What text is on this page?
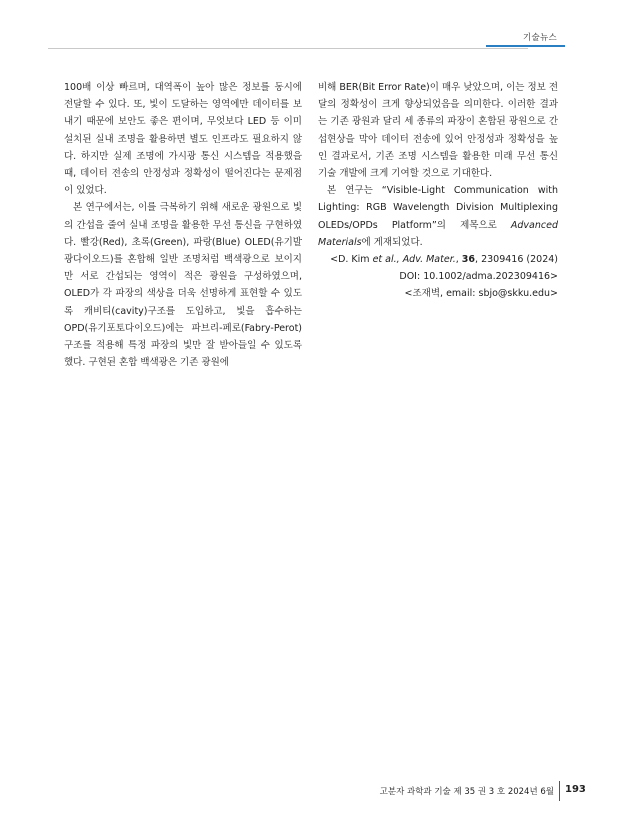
기술뉴스

100배 이상 빠르며, 대역폭이 높아 많은 정보를 동시에 전달할 수 있다. 또, 빛이 도달하는 영역에만 데이터를 보내기 때문에 보안도 좋은 편이며, 무엇보다 LED 등 이미 설치된 실내 조명을 활용하면 별도 인프라도 필요하지 않다. 하지만 실제 조명에 가시광 통신 시스템을 적용했을 때, 데이터 전송의 안정성과 정확성이 떨어진다는 문제점이 있었다.

본 연구에서는, 이를 극복하기 위해 새로운 광원으로 빛의 간섭을 줄여 실내 조명을 활용한 무선 통신을 구현하였다. 빨강(Red), 초록(Green), 파랑(Blue) OLED(유기발광다이오드)를 혼합해 일반 조명처럼 백색광으로 보이지만 서로 간섭되는 영역이 적은 광원을 구성하였으며, OLED가 각 파장의 색상을 더욱 선명하게 표현할 수 있도록 캐비티(cavity)구조를 도입하고, 빛을 흡수하는 OPD(유기포토다이오드)에는 파브리-페로(Fabry-Perot) 구조를 적용해 특정 파장의 빛만 잘 받아들일 수 있도록 했다. 구현된 혼합 백색광은 기존 광원에

비해 BER(Bit Error Rate)이 매우 낮았으며, 이는 정보 전달의 정확성이 크게 향상되었음을 의미한다. 이러한 결과는 기존 광원과 달리 세 종류의 파장이 혼합된 광원으로 간섭현상을 막아 데이터 전송에 있어 안정성과 정확성을 높인 결과로서, 기존 조명 시스템을 활용한 미래 무선 통신 기술 개발에 크게 기여할 것으로 기대한다.

본 연구는 “Visible-Light Communication with Lighting: RGB Wavelength Division Multiplexing OLEDs/OPDs Platform”의 제목으로 Advanced Materials에 게재되었다.

<D. Kim et al., Adv. Mater., 36, 2309416 (2024)

DOI: 10.1002/adma.202309416>

<조재벽, email: sbjo@skku.edu>

고분자 과학과 기술 제 35 권 3 호 2024년 6월 193
